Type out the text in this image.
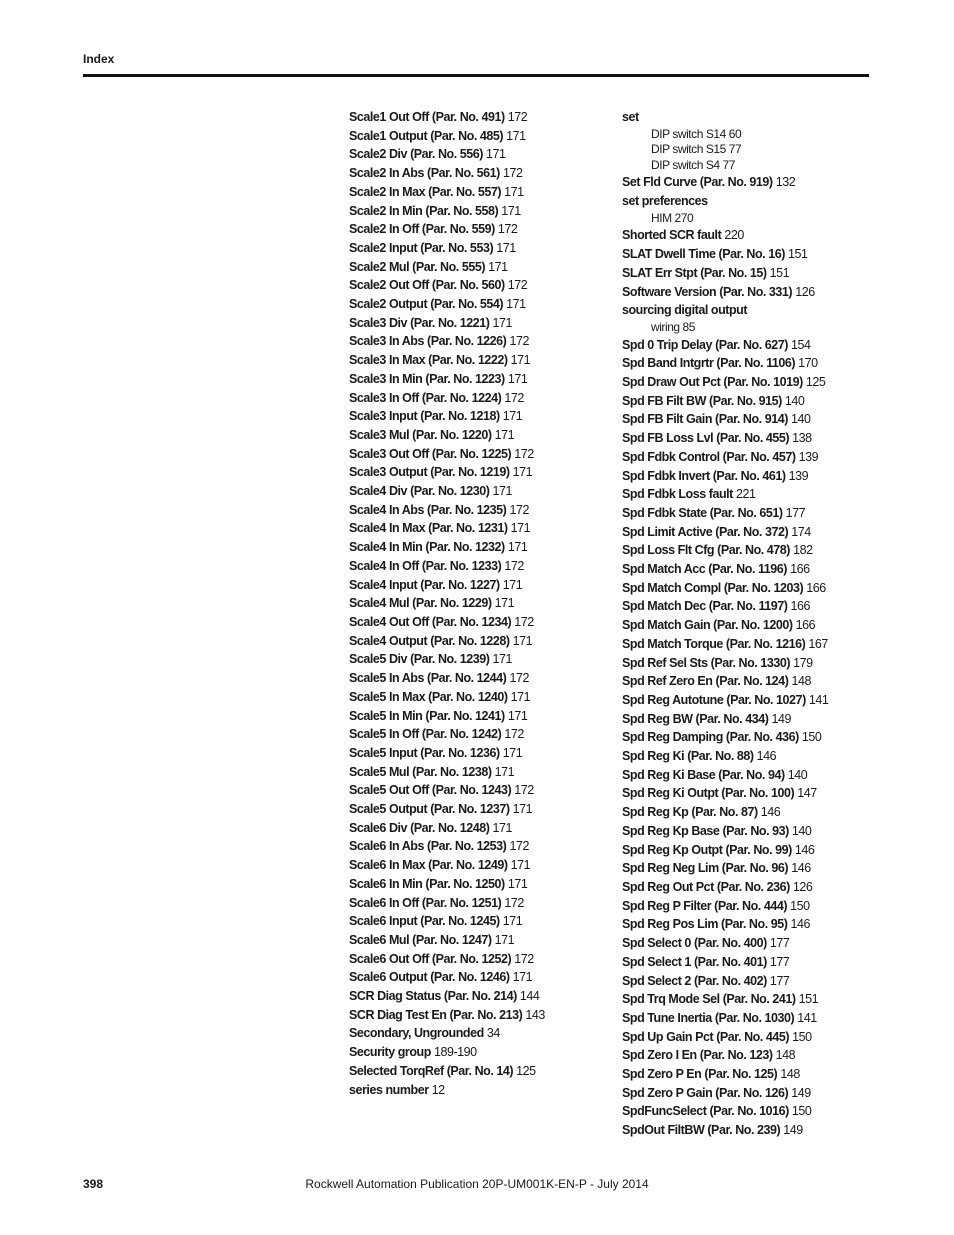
Index
Scale1 Out Off (Par. No. 491) 172
Scale1 Output (Par. No. 485) 171
Scale2 Div (Par. No. 556) 171
Scale2 In Abs (Par. No. 561) 172
Scale2 In Max (Par. No. 557) 171
Scale2 In Min (Par. No. 558) 171
Scale2 In Off (Par. No. 559) 172
Scale2 Input (Par. No. 553) 171
Scale2 Mul (Par. No. 555) 171
Scale2 Out Off (Par. No. 560) 172
Scale2 Output (Par. No. 554) 171
Scale3 Div (Par. No. 1221) 171
Scale3 In Abs (Par. No. 1226) 172
Scale3 In Max (Par. No. 1222) 171
Scale3 In Min (Par. No. 1223) 171
Scale3 In Off (Par. No. 1224) 172
Scale3 Input (Par. No. 1218) 171
Scale3 Mul (Par. No. 1220) 171
Scale3 Out Off (Par. No. 1225) 172
Scale3 Output (Par. No. 1219) 171
Scale4 Div (Par. No. 1230) 171
Scale4 In Abs (Par. No. 1235) 172
Scale4 In Max (Par. No. 1231) 171
Scale4 In Min (Par. No. 1232) 171
Scale4 In Off (Par. No. 1233) 172
Scale4 Input (Par. No. 1227) 171
Scale4 Mul (Par. No. 1229) 171
Scale4 Out Off (Par. No. 1234) 172
Scale4 Output (Par. No. 1228) 171
Scale5 Div (Par. No. 1239) 171
Scale5 In Abs (Par. No. 1244) 172
Scale5 In Max (Par. No. 1240) 171
Scale5 In Min (Par. No. 1241) 171
Scale5 In Off (Par. No. 1242) 172
Scale5 Input (Par. No. 1236) 171
Scale5 Mul (Par. No. 1238) 171
Scale5 Out Off (Par. No. 1243) 172
Scale5 Output (Par. No. 1237) 171
Scale6 Div (Par. No. 1248) 171
Scale6 In Abs (Par. No. 1253) 172
Scale6 In Max (Par. No. 1249) 171
Scale6 In Min (Par. No. 1250) 171
Scale6 In Off (Par. No. 1251) 172
Scale6 Input (Par. No. 1245) 171
Scale6 Mul (Par. No. 1247) 171
Scale6 Out Off (Par. No. 1252) 172
Scale6 Output (Par. No. 1246) 171
SCR Diag Status (Par. No. 214) 144
SCR Diag Test En (Par. No. 213) 143
Secondary, Ungrounded 34
Security group 189-190
Selected TorqRef (Par. No. 14) 125
series number 12
set
DIP switch S14 60
DIP switch S15 77
DIP switch S4 77
Set Fld Curve (Par. No. 919) 132
set preferences
HIM 270
Shorted SCR fault 220
SLAT Dwell Time (Par. No. 16) 151
SLAT Err Stpt (Par. No. 15) 151
Software Version (Par. No. 331) 126
sourcing digital output
wiring 85
Spd 0 Trip Delay (Par. No. 627) 154
Spd Band Intgrtr (Par. No. 1106) 170
Spd Draw Out Pct (Par. No. 1019) 125
Spd FB Filt BW (Par. No. 915) 140
Spd FB Filt Gain (Par. No. 914) 140
Spd FB Loss Lvl (Par. No. 455) 138
Spd Fdbk Control (Par. No. 457) 139
Spd Fdbk Invert (Par. No. 461) 139
Spd Fdbk Loss fault 221
Spd Fdbk State (Par. No. 651) 177
Spd Limit Active (Par. No. 372) 174
Spd Loss Flt Cfg (Par. No. 478) 182
Spd Match Acc (Par. No. 1196) 166
Spd Match Compl (Par. No. 1203) 166
Spd Match Dec (Par. No. 1197) 166
Spd Match Gain (Par. No. 1200) 166
Spd Match Torque (Par. No. 1216) 167
Spd Ref Sel Sts (Par. No. 1330) 179
Spd Ref Zero En (Par. No. 124) 148
Spd Reg Autotune (Par. No. 1027) 141
Spd Reg BW (Par. No. 434) 149
Spd Reg Damping (Par. No. 436) 150
Spd Reg Ki (Par. No. 88) 146
Spd Reg Ki Base (Par. No. 94) 140
Spd Reg Ki Outpt (Par. No. 100) 147
Spd Reg Kp (Par. No. 87) 146
Spd Reg Kp Base (Par. No. 93) 140
Spd Reg Kp Outpt (Par. No. 99) 146
Spd Reg Neg Lim (Par. No. 96) 146
Spd Reg Out Pct (Par. No. 236) 126
Spd Reg P Filter (Par. No. 444) 150
Spd Reg Pos Lim (Par. No. 95) 146
Spd Select 0 (Par. No. 400) 177
Spd Select 1 (Par. No. 401) 177
Spd Select 2 (Par. No. 402) 177
Spd Trq Mode Sel (Par. No. 241) 151
Spd Tune Inertia (Par. No. 1030) 141
Spd Up Gain Pct (Par. No. 445) 150
Spd Zero I En (Par. No. 123) 148
Spd Zero P En (Par. No. 125) 148
Spd Zero P Gain (Par. No. 126) 149
SpdFuncSelect (Par. No. 1016) 150
SpdOut FiltBW (Par. No. 239) 149
398	Rockwell Automation Publication 20P-UM001K-EN-P - July 2014
